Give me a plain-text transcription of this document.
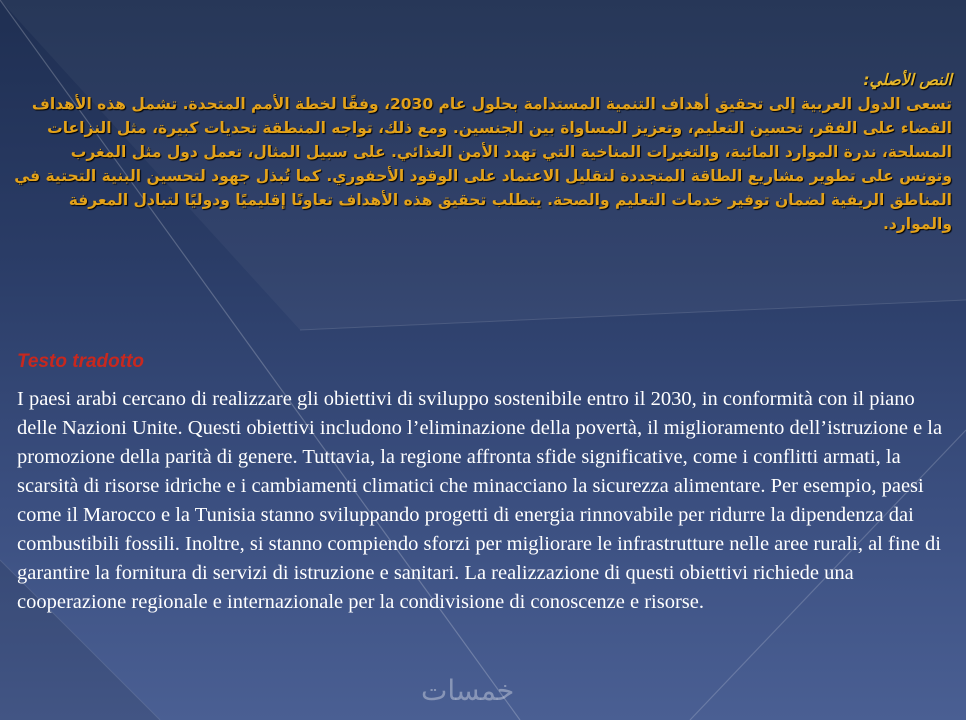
النص الأصلي:
تسعى الدول العربية إلى تحقيق أهداف التنمية المستدامة بحلول عام 2030، وفقًا لخطة الأمم المتحدة. تشمل هذه الأهداف القضاء على الفقر، تحسين التعليم، وتعزيز المساواة بين الجنسين. ومع ذلك، تواجه المنطقة تحديات كبيرة، مثل النزاعات المسلحة، ندرة الموارد المائية، والتغيرات المناخية التي تهدد الأمن الغذائي. على سبيل المثال، تعمل دول مثل المغرب وتونس على تطوير مشاريع الطاقة المتجددة لتقليل الاعتماد على الوقود الأحفوري. كما تُبذل جهود لتحسين البنية التحتية في المناطق الريفية لضمان توفير خدمات التعليم والصحة. يتطلب تحقيق هذه الأهداف تعاونًا إقليميًا ودوليًا لتبادل المعرفة والموارد.
Testo tradotto
I paesi arabi cercano di realizzare gli obiettivi di sviluppo sostenibile entro il 2030, in conformità con il piano delle Nazioni Unite. Questi obiettivi includono l’eliminazione della povertà, il miglioramento dell’istruzione e la promozione della parità di genere. Tuttavia, la regione affronta sfide significative, come i conflitti armati, la scarsità di risorse idriche e i cambiamenti climatici che minacciano la sicurezza alimentare. Per esempio, paesi come il Marocco e la Tunisia stanno sviluppando progetti di energia rinnovabile per ridurre la dipendenza dai combustibili fossili. Inoltre, si stanno compiendo sforzi per migliorare le infrastrutture nelle aree rurali, al fine di garantire la fornitura di servizi di istruzione e sanitari. La realizzazione di questi obiettivi richiede una cooperazione regionale e internazionale per la condivisione di conoscenze e risorse.
خمسات
